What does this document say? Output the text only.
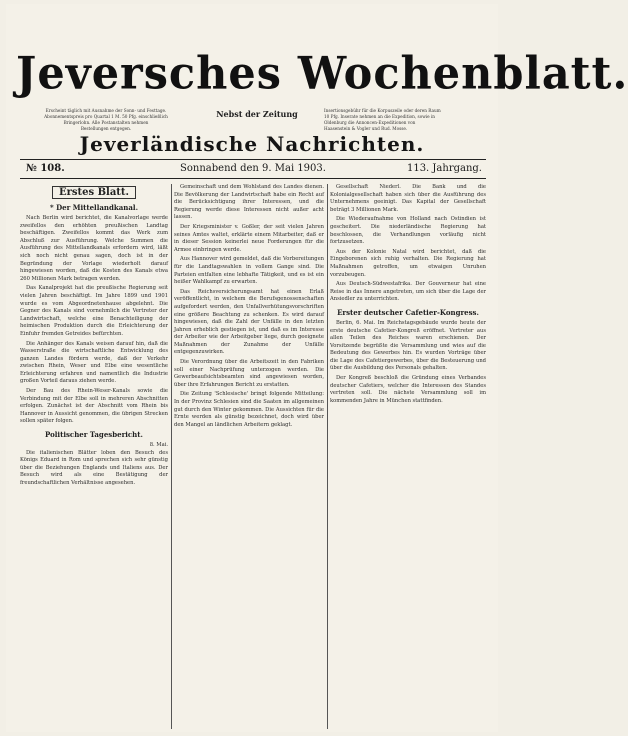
Jeversches Wochenblatt.
Erscheint täglich mit Ausnahme der Sonn- und Festtage.
Abonnementspreis pro Quartal 1 M. 50 Pfg. einschließlich
Bringerlohn. Alle Postanstalten nehmen
Bestellungen entgegen.
Nebst der Zeitung	Insertionsgebühr für die Korpuszeile oder deren Raum
10 Pfg. Inserate nehmen an die Expedition, sowie in
Oldenburg die Annoncen-Expeditionen von
Haasenstein & Vogler und Rud. Mosse.
Jeverländische Nachrichten.
№ 108.	Sonnabend den 9. Mai 1903.	113. Jahrgang.
Erstes Blatt.
* Der Mittellandkanal.

Nach Berlin wird berichtet, die Kanalvorlage werde zweifellos den erhöhten preußischen Landtag beschäftigen. Zweifellos kommt das Werk zum Abschluß zur Ausführung. Welche Summen die Ausführung des Mittellandkanals erfordern wird, läßt sich noch nicht genau sagen, doch ist in der Begründung der Vorlage wiederholt darauf hingewiesen worden, daß die Kosten des Kanals etwa 260 Millionen Mark betragen werden.

Das Kanalprojekt hat die preußische Regierung seit vielen Jahren beschäftigt. Im Jahre 1899 und 1901 wurde es vom Abgeordnetenhause abgelehnt. Die Gegner des Kanals sind vornehmlich die Vertreter der Landwirtschaft, welche eine Benachteiligung der heimischen Produktion durch die Erleichterung der Einfuhr fremden Getreides befürchten.

Die Anhänger des Kanals weisen darauf hin, daß die Wasserstraße die wirtschaftliche Entwicklung des ganzen Landes fördern werde, daß der Verkehr zwischen Rhein, Weser und Elbe eine wesentliche Erleichterung erfahren und namentlich die Industrie großen Vorteil daraus ziehen werde.

Der Bau des Rhein-Weser-Kanals sowie die Verbindung mit der Elbe soll in mehreren Abschnitten erfolgen. Zunächst ist der Abschnitt vom Rhein bis Hannover in Aussicht genommen, die übrigen Strecken sollen später folgen.

Politischer Tagesbericht.
8. Mai.

Die italienischen Blätter loben den Besuch des Königs Eduard in Rom und sprechen sich sehr günstig über die Beziehungen Englands und Italiens aus. Der Besuch wird als eine Bestätigung der freundschaftlichen Verhältnisse angesehen.

Gemeinschaft und dem Wohlstand des Landes dienen. Die Bevölkerung der Landwirtschaft habe ein Recht auf die Berücksichtigung ihrer Interessen, und die Regierung werde diese Interessen nicht außer acht lassen.

Der Kriegsminister v. Goßler, der seit vielen Jahren seines Amtes waltet, erklärte einem Mitarbeiter, daß er in dieser Session keinerlei neue Forderungen für die Armee einbringen werde.

Aus Hannover wird gemeldet, daß die Vorbereitungen für die Landtagswahlen in vollem Gange sind. Die Parteien entfalten eine lebhafte Tätigkeit, und es ist ein heißer Wahlkampf zu erwarten.

Das Reichsversicherungsamt hat einen Erlaß veröffentlicht, in welchem die Berufsgenossenschaften aufgefordert werden, den Unfallverhütungsvorschriften eine größere Beachtung zu schenken. Es wird darauf hingewiesen, daß die Zahl der Unfälle in den letzten Jahren erheblich gestiegen ist, und daß es im Interesse der Arbeiter wie der Arbeitgeber liege, durch geeignete Maßnahmen der Zunahme der Unfälle entgegenzuwirken.

Die Verordnung über die Arbeitszeit in den Fabriken soll einer Nachprüfung unterzogen werden. Die Gewerbeaufsichtsbeamten sind angewiesen worden, über ihre Erfahrungen Bericht zu erstatten.

Die Zeitung 'Schlesische' bringt folgende Mitteilung: In der Provinz Schlesien sind die Saaten im allgemeinen gut durch den Winter gekommen. Die Aussichten für die Ernte werden als günstig bezeichnet, doch wird über den Mangel an ländlichen Arbeitern geklagt.

Gesellschaft Niederl. Die Bank und die Kolonialgesellschaft haben sich über die Ausführung des Unternehmens geeinigt. Das Kapital der Gesellschaft beträgt 3 Millionen Mark.

Die Wiederaufnahme von Holland nach Ostindien ist gescheitert. Die niederländische Regierung hat beschlossen, die Verhandlungen vorläufig nicht fortzusetzen.

Aus der Kolonie Natal wird berichtet, daß die Eingeborenen sich ruhig verhalten. Die Regierung hat Maßnahmen getroffen, um etwaigen Unruhen vorzubeugen.

Aus Deutsch-Südwestafrika. Der Gouverneur hat eine Reise in das Innere angetreten, um sich über die Lage der Ansiedler zu unterrichten.

Erster deutscher Cafetier-Kongress.

Berlin, 6. Mai. Im Reichstagsgebäude wurde heute der erste deutsche Cafetier-Kongreß eröffnet. Vertreter aus allen Teilen des Reiches waren erschienen. Der Vorsitzende begrüßte die Versammlung und wies auf die Bedeutung des Gewerbes hin. Es wurden Vorträge über die Lage des Cafetiergewerbes, über die Besteuerung und über die Ausbildung des Personals gehalten.

Der Kongreß beschloß die Gründung eines Verbandes deutscher Cafetiers, welcher die Interessen des Standes vertreten soll. Die nächste Versammlung soll im kommenden Jahre in München stattfinden.
